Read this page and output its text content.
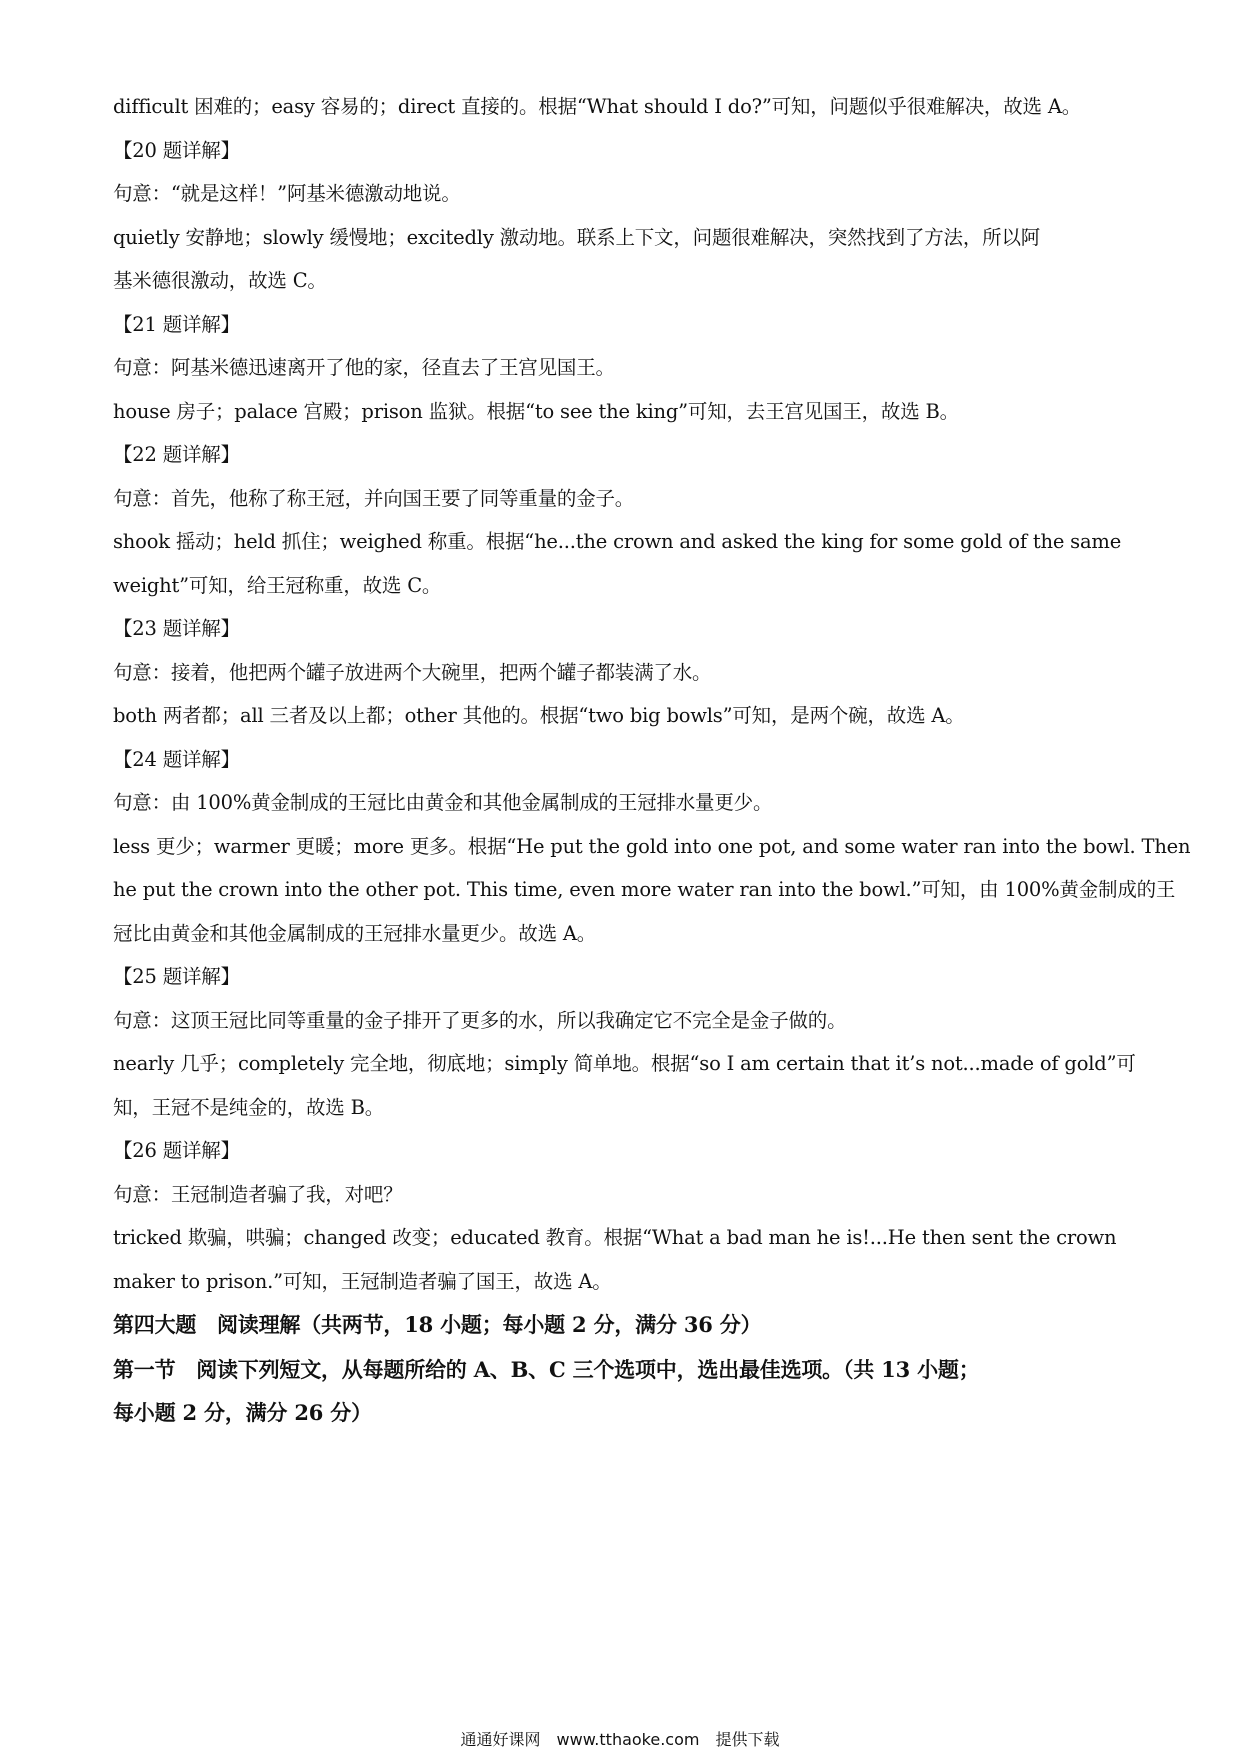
difficult 困难的；easy 容易的；direct 直接的。根据“What should I do?”可知，问题似乎很难解决，故选 A。
【20 题详解】
句意：“就是这样！”阿基米德激动地说。
quietly 安静地；slowly 缓慢地；excitedly 激动地。联系上下文，问题很难解决，突然找到了方法，所以阿
基米德很激动，故选 C。
【21 题详解】
句意：阿基米德迅速离开了他的家，径直去了王宫见国王。
house 房子；palace 宫殿；prison 监狱。根据“to see the king”可知，去王宫见国王，故选 B。
【22 题详解】
句意：首先，他称了称王冠，并向国王要了同等重量的金子。
shook 摇动；held 抓住；weighed 称重。根据“he...the crown and asked the king for some gold of the same
weight”可知，给王冠称重，故选 C。
【23 题详解】
句意：接着，他把两个罐子放进两个大碗里，把两个罐子都装满了水。
both 两者都；all 三者及以上都；other 其他的。根据“two big bowls”可知，是两个碗，故选 A。
【24 题详解】
句意：由 100%黄金制成的王冠比由黄金和其他金属制成的王冠排水量更少。
less 更少；warmer 更暖；more 更多。根据“He put the gold into one pot, and some water ran into the bowl. Then
he put the crown into the other pot. This time, even more water ran into the bowl.”可知，由 100%黄金制成的王
冠比由黄金和其他金属制成的王冠排水量更少。故选 A。
【25 题详解】
句意：这顶王冠比同等重量的金子排开了更多的水，所以我确定它不完全是金子做的。
nearly 几乎；completely 完全地，彻底地；simply 简单地。根据“so I am certain that it’s not...made of gold”可
知，王冠不是纯金的，故选 B。
【26 题详解】
句意：王冠制造者骗了我，对吧？
tricked 欺骗，哄骗；changed 改变；educated 教育。根据“What a bad man he is!...He then sent the crown
maker to prison.”可知，王冠制造者骗了国王，故选 A。
第四大题　阅读理解（共两节，18 小题；每小题 2 分，满分 36 分）
第一节　阅读下列短文，从每题所给的 A、B、C 三个选项中，选出最佳选项。（共 13 小题；
每小题 2 分，满分 26 分）
通通好课网　www.tthaoke.com　提供下载
